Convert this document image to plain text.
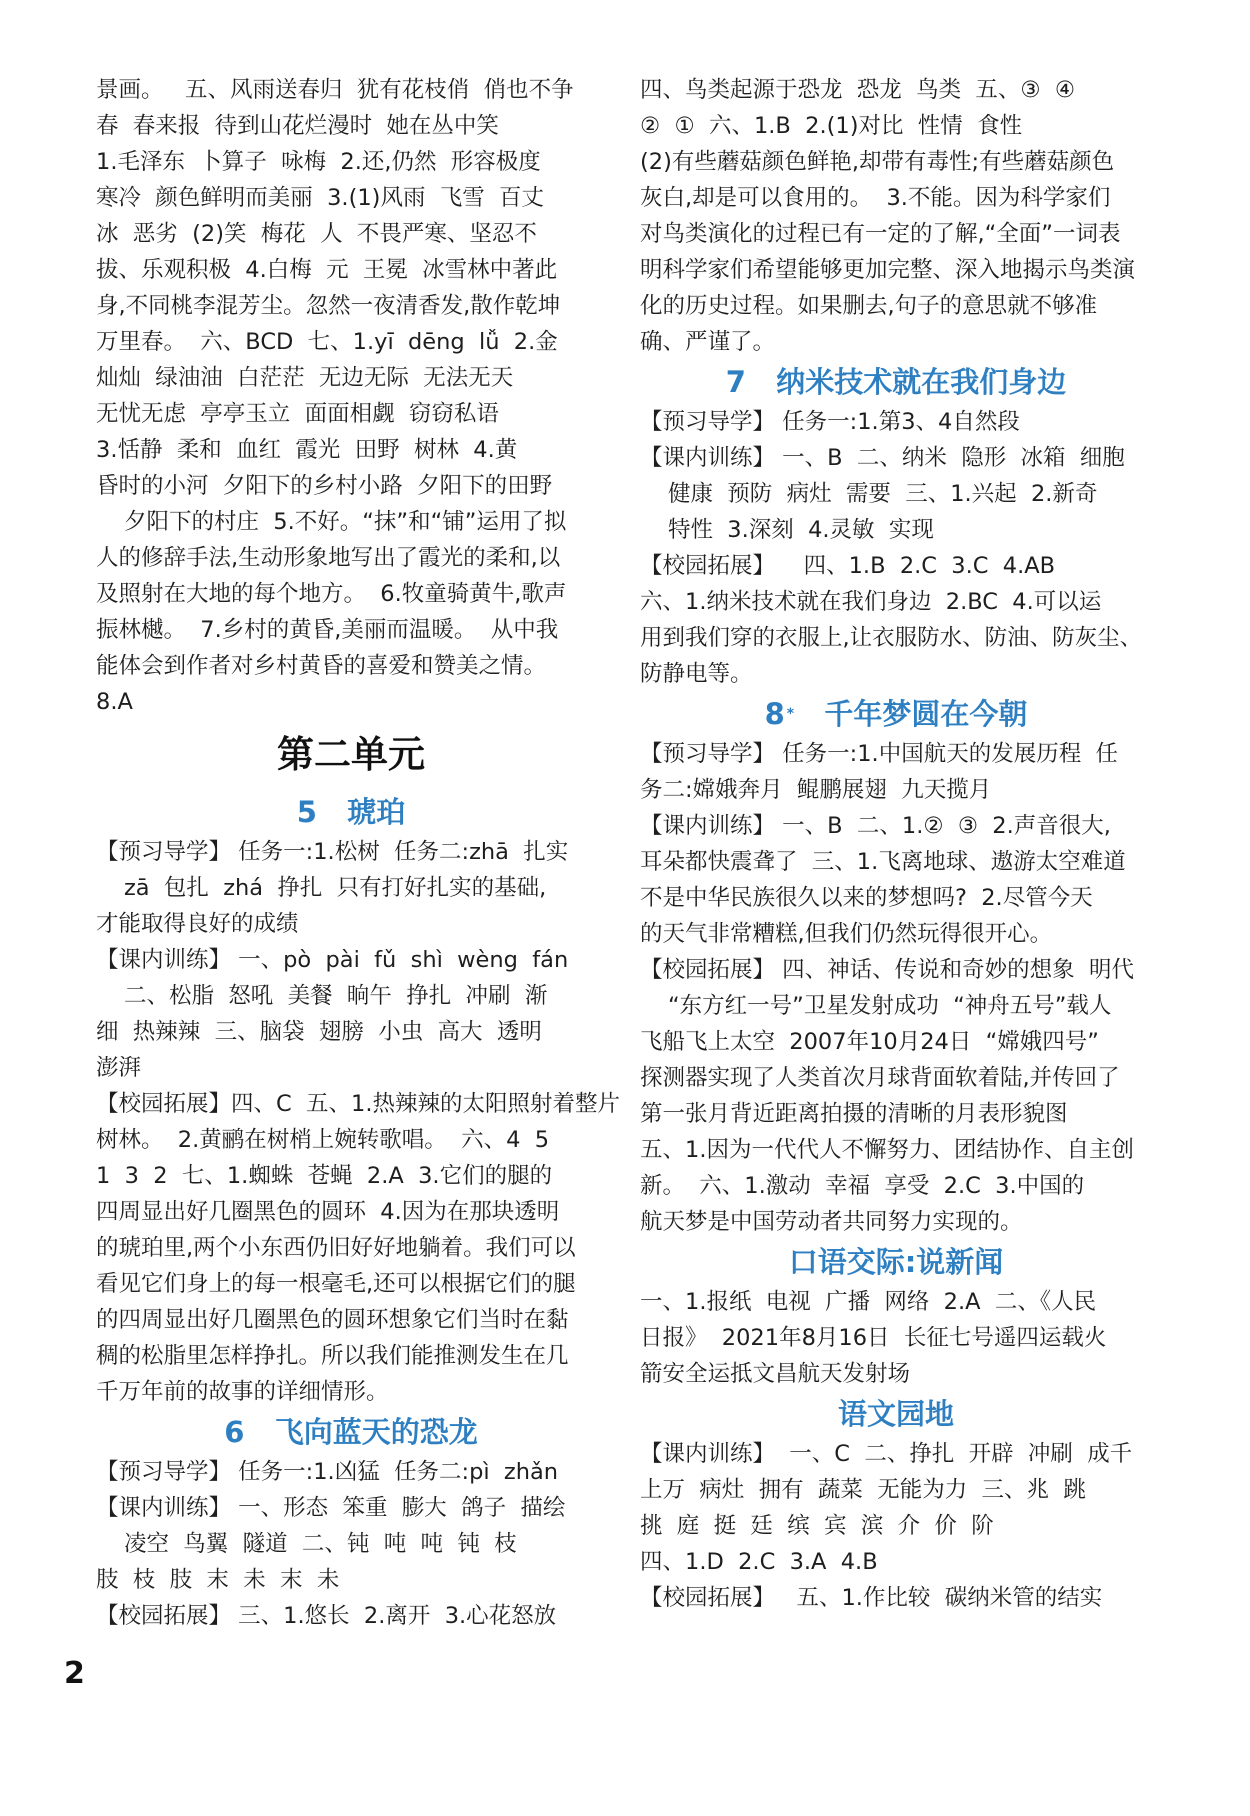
景画。   五、风雨送春归  犹有花枝俏  俏也不争
春  春来报  待到山花烂漫时  她在丛中笑
1.毛泽东  卜算子  咏梅  2.还,仍然  形容极度
寒冷  颜色鲜明而美丽  3.(1)风雨  飞雪  百丈
冰  恶劣  (2)笑  梅花  人  不畏严寒、坚忍不
拔、乐观积极  4.白梅  元  王冕  冰雪林中著此
身,不同桃李混芳尘。忽然一夜清香发,散作乾坤
万里春。  六、BCD  七、1.yī  dēng  lǚ  2.金
灿灿  绿油油  白茫茫  无边无际  无法无天
无忧无虑  亭亭玉立  面面相觑  窃窃私语
3.恬静  柔和  血红  霞光  田野  树林  4.黄
昏时的小河  夕阳下的乡村小路  夕阳下的田野
夕阳下的村庄  5.不好。“抹”和“铺”运用了拟
人的修辞手法,生动形象地写出了霞光的柔和,以
及照射在大地的每个地方。  6.牧童骑黄牛,歌声
振林樾。  7.乡村的黄昏,美丽而温暖。  从中我
能体会到作者对乡村黄昏的喜爱和赞美之情。
8.A
第二单元
5 琥珀
【预习导学】 任务一:1.松树  任务二:zhā  扎实
zā  包扎  zhá  挣扎  只有打好扎实的基础,
才能取得良好的成绩
【课内训练】 一、pò  pài  fǔ  shì  wèng  fán
二、松脂  怒吼  美餐  晌午  挣扎  冲刷  渐
细  热辣辣  三、脑袋  翅膀  小虫  高大  透明
澎湃
【校园拓展】四、C  五、1.热辣辣的太阳照射着整片
树林。  2.黄鹂在树梢上婉转歌唱。  六、4  5
1  3  2  七、1.蜘蛛  苍蝇  2.A  3.它们的腿的
四周显出好几圈黑色的圆环  4.因为在那块透明
的琥珀里,两个小东西仍旧好好地躺着。我们可以
看见它们身上的每一根毫毛,还可以根据它们的腿
的四周显出好几圈黑色的圆环想象它们当时在黏
稠的松脂里怎样挣扎。所以我们能推测发生在几
千万年前的故事的详细情形。
6 飞向蓝天的恐龙
【预习导学】 任务一:1.凶猛  任务二:pì  zhǎn
【课内训练】 一、形态  笨重  膨大  鸽子  描绘
凌空  鸟翼  隧道  二、钝  吨  吨  钝  枝
肢  枝  肢  末  未  末  未
【校园拓展】 三、1.悠长  2.离开  3.心花怒放
四、鸟类起源于恐龙  恐龙  鸟类  五、③  ④
②  ①  六、1.B  2.(1)对比  性情  食性
(2)有些蘑菇颜色鲜艳,却带有毒性;有些蘑菇颜色
灰白,却是可以食用的。  3.不能。因为科学家们
对鸟类演化的过程已有一定的了解,“全面”一词表
明科学家们希望能够更加完整、深入地揭示鸟类演
化的历史过程。如果删去,句子的意思就不够准
确、严谨了。
7 纳米技术就在我们身边
【预习导学】 任务一:1.第3、4自然段
【课内训练】 一、B  二、纳米  隐形  冰箱  细胞
健康  预防  病灶  需要  三、1.兴起  2.新奇
特性  3.深刻  4.灵敏  实现
【校园拓展】    四、1.B  2.C  3.C  4.AB
六、1.纳米技术就在我们身边  2.BC  4.可以运
用到我们穿的衣服上,让衣服防水、防油、防灰尘、
防静电等。
8 * 千年梦圆在今朝
【预习导学】 任务一:1.中国航天的发展历程  任
务二:嫦娥奔月  鲲鹏展翅  九天揽月
【课内训练】 一、B  二、1.②  ③  2.声音很大,
耳朵都快震聋了  三、1.飞离地球、遨游太空难道
不是中华民族很久以来的梦想吗?  2.尽管今天
的天气非常糟糕,但我们仍然玩得很开心。
【校园拓展】 四、神话、传说和奇妙的想象  明代
“东方红一号”卫星发射成功  “神舟五号”载人
飞船飞上太空  2007年10月24日  “嫦娥四号”
探测器实现了人类首次月球背面软着陆,并传回了
第一张月背近距离拍摄的清晰的月表形貌图
五、1.因为一代代人不懈努力、团结协作、自主创
新。  六、1.激动  幸福  享受  2.C  3.中国的
航天梦是中国劳动者共同努力实现的。
口语交际:说新闻
一、1.报纸  电视  广播  网络  2.A  二、《人民
日报》  2021年8月16日  长征七号遥四运载火
箭安全运抵文昌航天发射场
语文园地
【课内训练】  一、C  二、挣扎  开辟  冲刷  成千
上万  病灶  拥有  蔬菜  无能为力  三、兆  跳
挑  庭  挺  廷  缤  宾  滨  介  价  阶
四、1.D  2.C  3.A  4.B
【校园拓展】   五、1.作比较  碳纳米管的结实
2
